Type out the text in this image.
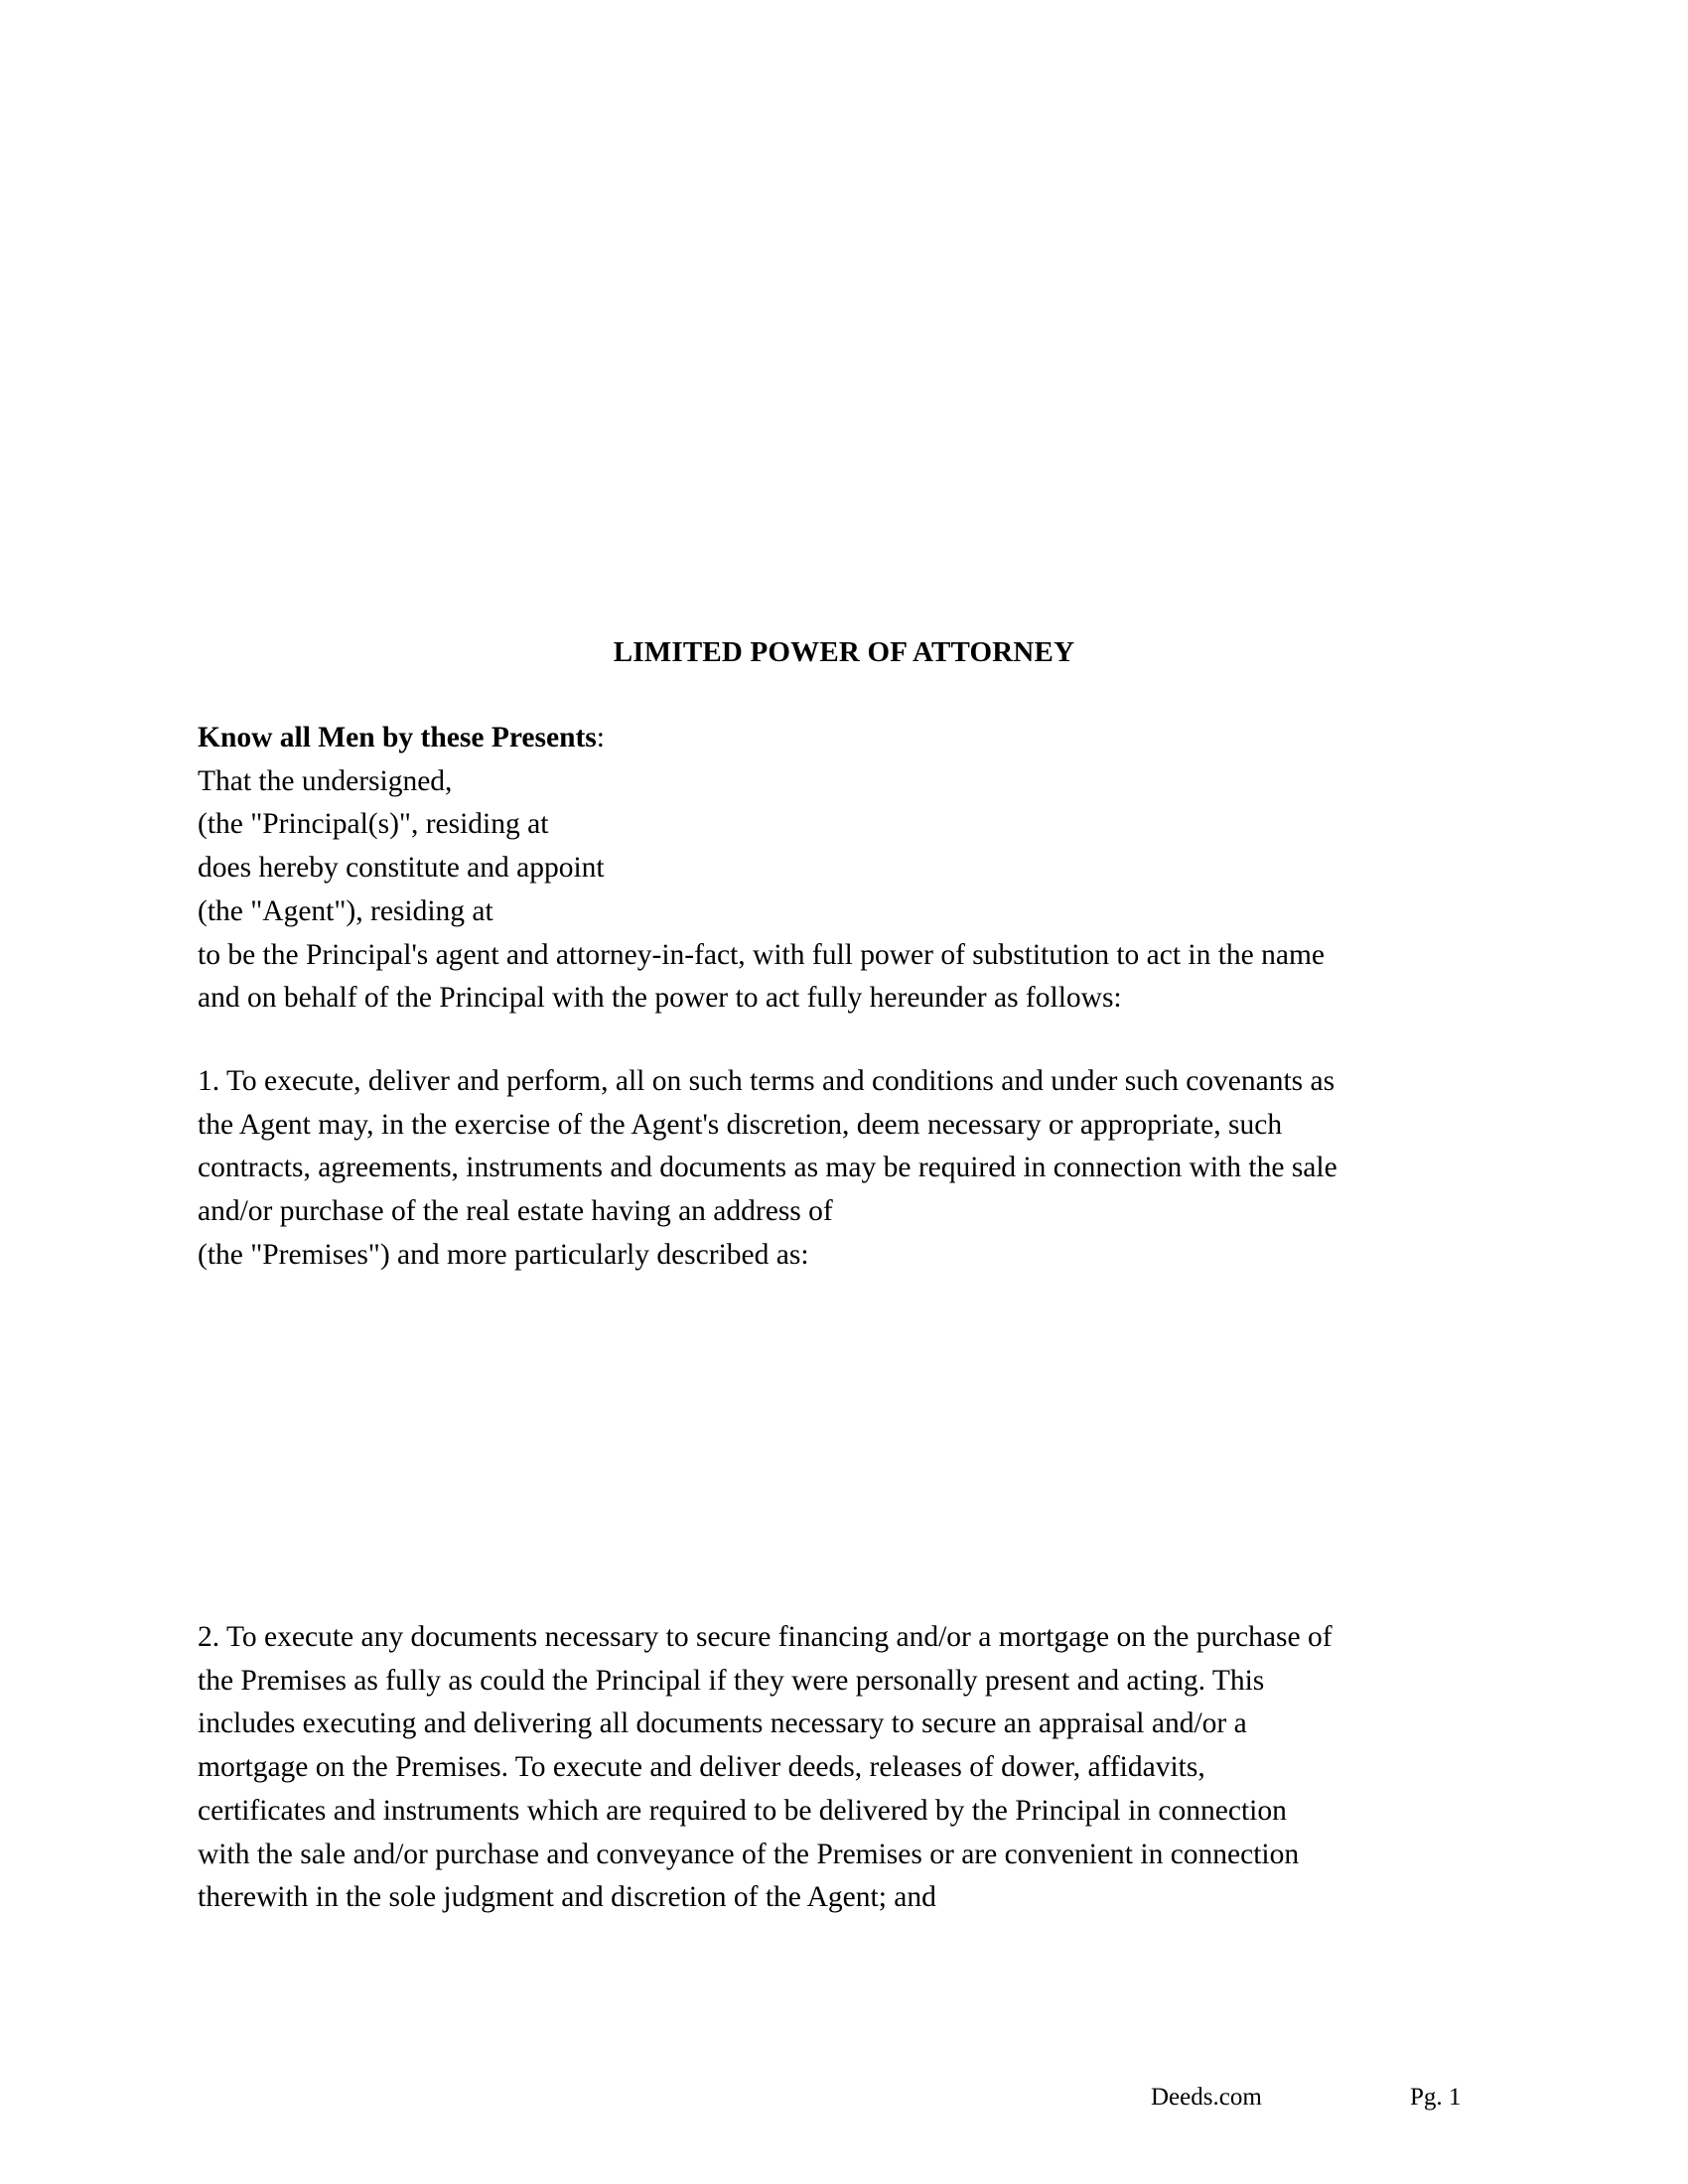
LIMITED POWER OF ATTORNEY
Know all Men by these Presents:
That the undersigned,
(the "Principal(s)", residing at
does hereby constitute and appoint
(the "Agent"), residing at
to be the Principal's agent and attorney-in-fact, with full power of substitution to act in the name
and on behalf of the Principal with the power to act fully hereunder as follows:
1. To execute, deliver and perform, all on such terms and conditions and under such covenants as
the Agent may, in the exercise of the Agent's discretion, deem necessary or appropriate, such
contracts, agreements, instruments and documents as may be required in connection with the sale
and/or purchase of the real estate having an address of
(the "Premises") and more particularly described as:
2. To execute any documents necessary to secure financing and/or a mortgage on the purchase of
the Premises as fully as could the Principal if they were personally present and acting. This
includes executing and delivering all documents necessary to secure an appraisal and/or a
mortgage on the Premises. To execute and deliver deeds, releases of dower, affidavits,
certificates and instruments which are required to be delivered by the Principal in connection
with the sale and/or purchase and conveyance of the Premises or are convenient in connection
therewith in the sole judgment and discretion of the Agent; and
Deeds.com	Pg. 1
